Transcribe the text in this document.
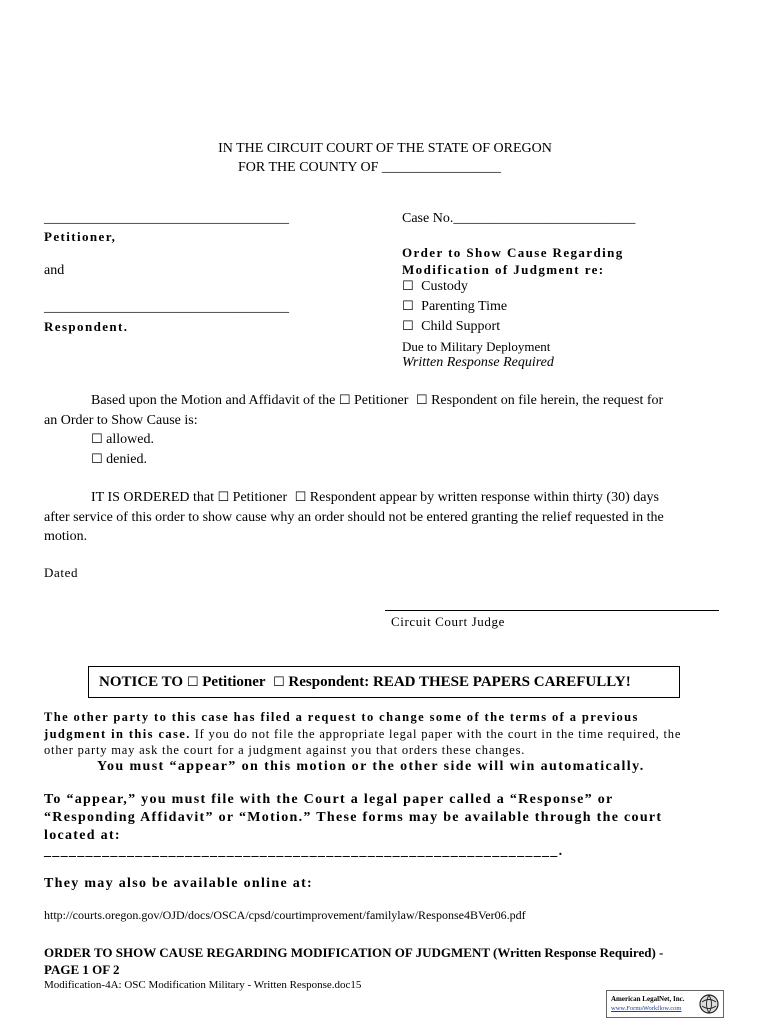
IN THE CIRCUIT COURT OF THE STATE OF OREGON
FOR THE COUNTY OF _________________
___________________________________
Petitioner,
and
___________________________________
Respondent.
Case No.__________________________
Order to Show Cause Regarding
Modification of Judgment re:
☐ Custody
☐ Parenting Time
☐ Child Support
Due to Military Deployment
Written Response Required
Based upon the Motion and Affidavit of the ☐ Petitioner ☐ Respondent on file herein, the request for
an Order to Show Cause is:
☐ allowed.
☐ denied.
IT IS ORDERED that ☐ Petitioner ☐ Respondent appear by written response within thirty (30) days
after service of this order to show cause why an order should not be entered granting the relief requested in the
motion.
Dated
Circuit Court Judge
NOTICE TO ☐ Petitioner ☐ Respondent: READ THESE PAPERS CAREFULLY!
The other party to this case has filed a request to change some of the terms of a previous
judgment in this case. If you do not file the appropriate legal paper with the court in the time required, the
other party may ask the court for a judgment against you that orders these changes.
You must “appear” on this motion or the other side will win automatically.
To “appear,” you must file with the Court a legal paper called a “Response” or
“Responding Affidavit” or “Motion.” These forms may be available through the court
located at:
______________________________________________________________.
They may also be available online at:
http://courts.oregon.gov/OJD/docs/OSCA/cpsd/courtimprovement/familylaw/Response4BVer06.pdf
ORDER TO SHOW CAUSE REGARDING MODIFICATION OF JUDGMENT (Written Response Required) -
PAGE 1 OF 2
Modification-4A: OSC Modification Military - Written Response.doc15
American LegalNet, Inc.
www.FormsWorkflow.com
